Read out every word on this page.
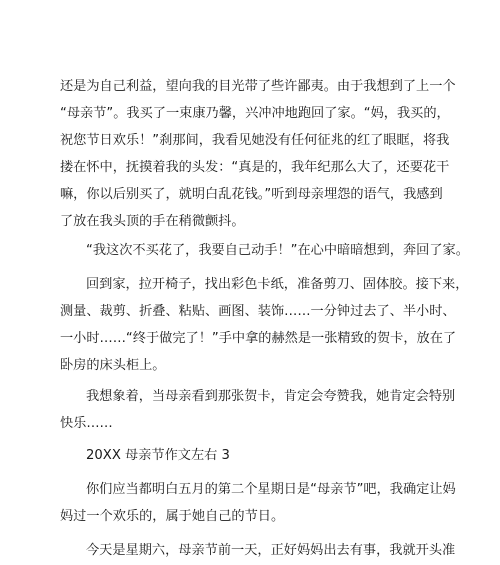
还是为自己利益，望向我的目光带了些许鄙夷。由于我想到了上一个
“母亲节”。我买了一束康乃馨，兴冲冲地跑回了家。“妈，我买的，
祝您节日欢乐！”刹那间，我看见她没有任何征兆的红了眼眶，将我
搂在怀中，抚摸着我的头发：“真是的，我年纪那么大了，还要花干
嘛，你以后别买了，就明白乱花钱。”听到母亲埋怨的语气，我感到
了放在我头顶的手在稍微颤抖。
“我这次不买花了，我要自己动手！”在心中暗暗想到，奔回了家。
回到家，拉开椅子，找出彩色卡纸，准备剪刀、固体胶。接下来，
测量、裁剪、折叠、粘贴、画图、装饰……一分钟过去了、半小时、
一小时……“终于做完了！”手中拿的赫然是一张精致的贺卡，放在了
卧房的床头柜上。
我想象着，当母亲看到那张贺卡，肯定会夸赞我，她肯定会特别
快乐……
20XX 母亲节作文左右 3
你们应当都明白五月的第二个星期日是“母亲节”吧，我确定让妈
妈过一个欢乐的，属于她自己的节日。
今天是星期六，母亲节前一天，正好妈妈出去有事，我就开头准
